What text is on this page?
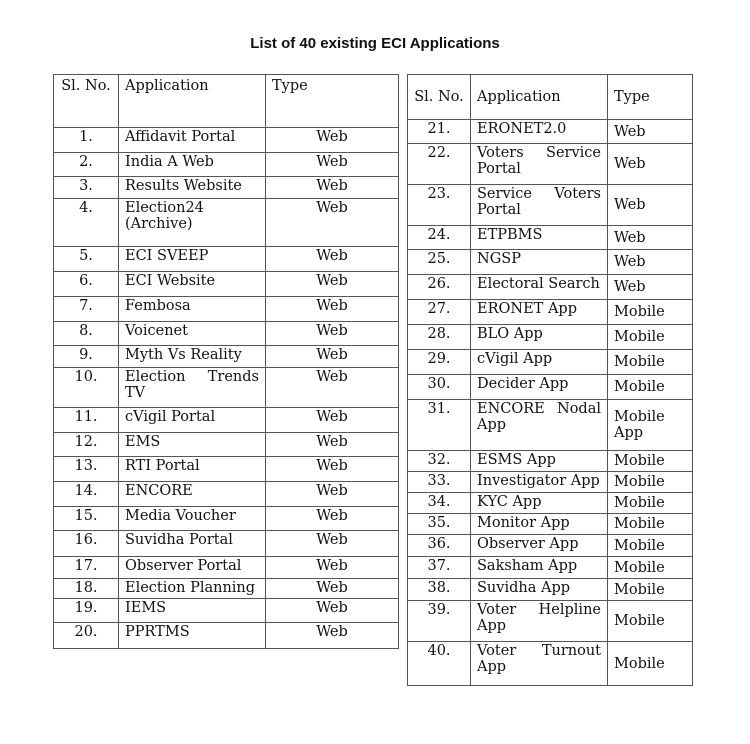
List of 40 existing ECI Applications
Sl. No.	Application	Type
1.	Affidavit Portal	Web
2.	India A Web	Web
3.	Results Website	Web
4.	Election24 (Archive)	Web
5.	ECI SVEEP	Web
6.	ECI Website	Web
7.	Fembosa	Web
8.	Voicenet	Web
9.	Myth Vs Reality	Web
10.	Election Trends TV	Web
11.	cVigil Portal	Web
12.	EMS	Web
13.	RTI Portal	Web
14.	ENCORE	Web
15.	Media Voucher	Web
16.	Suvidha Portal	Web
17.	Observer Portal	Web
18.	Election Planning	Web
19.	IEMS	Web
20.	PPRTMS	Web
Sl. No.	Application	Type
21.	ERONET2.0	Web
22.	Voters Service Portal	Web
23.	Service Voters Portal	Web
24.	ETPBMS	Web
25.	NGSP	Web
26.	Electoral Search	Web
27.	ERONET App	Mobile
28.	BLO App	Mobile
29.	cVigil App	Mobile
30.	Decider App	Mobile
31.	ENCORE Nodal App	Mobile App
32.	ESMS App	Mobile
33.	Investigator App	Mobile
34.	KYC App	Mobile
35.	Monitor App	Mobile
36.	Observer App	Mobile
37.	Saksham App	Mobile
38.	Suvidha App	Mobile
39.	Voter Helpline App	Mobile
40.	Voter Turnout App	Mobile
